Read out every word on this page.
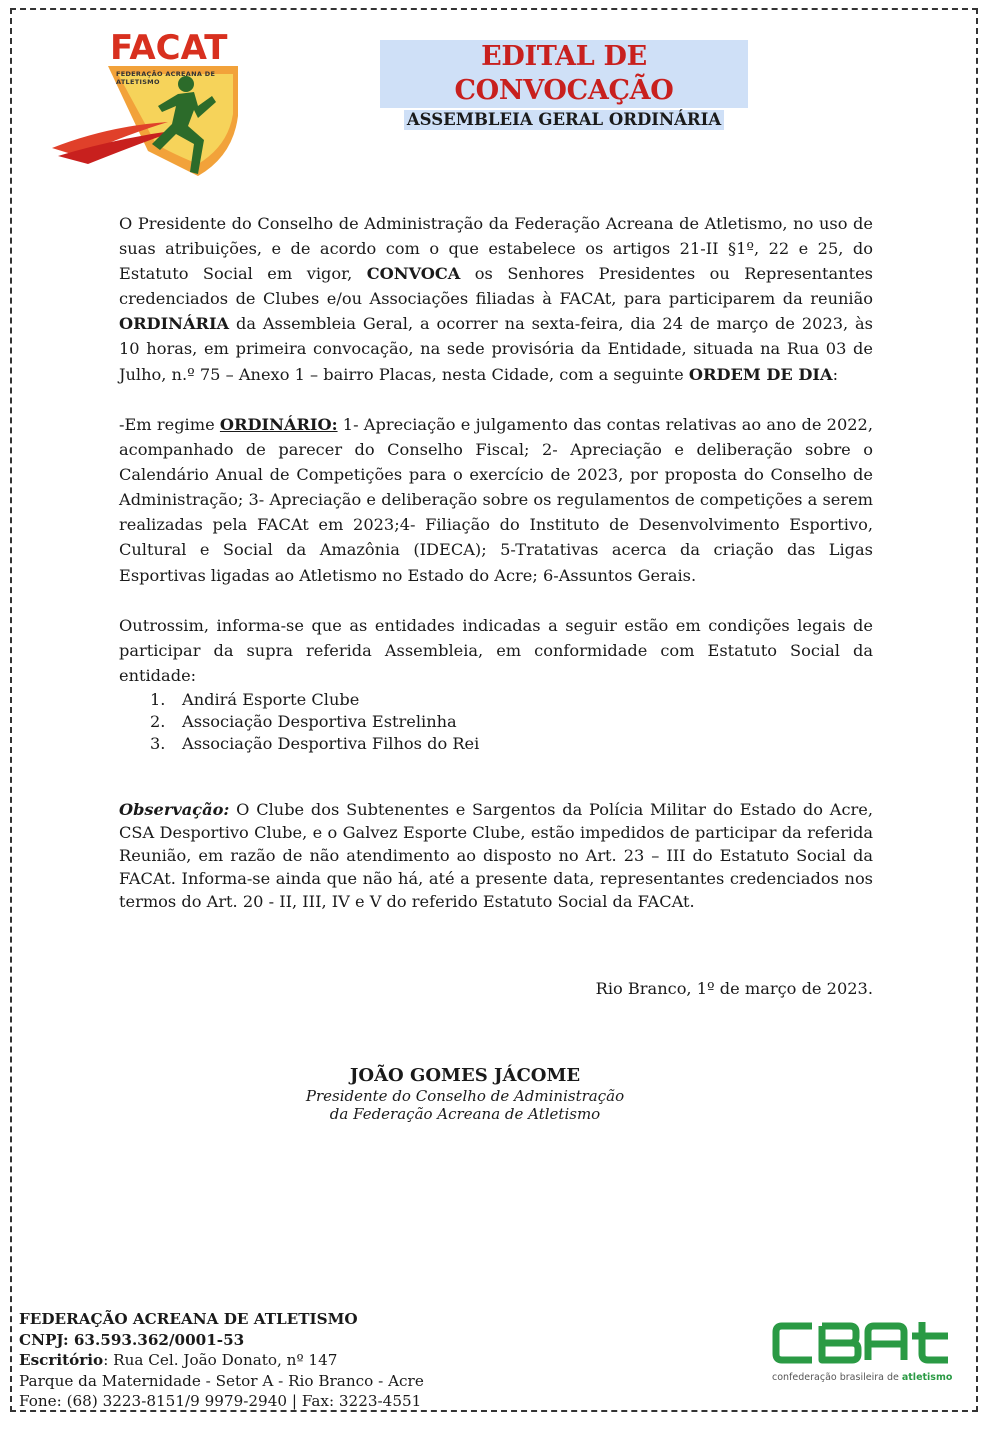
FACAT
FEDERAÇÃO ACREANA DE ATLETISMO
EDITAL DE CONVOCAÇÃO
ASSEMBLEIA GERAL ORDINÁRIA
O Presidente do Conselho de Administração da Federação Acreana de Atletismo, no uso de suas atribuições, e de acordo com o que estabelece os artigos 21-II §1º, 22 e 25, do Estatuto Social em vigor, CONVOCA os Senhores Presidentes ou Representantes credenciados de Clubes e/ou Associações filiadas à FACAt, para participarem da reunião ORDINÁRIA da Assembleia Geral, a ocorrer na sexta-feira, dia 24 de março de 2023, às 10 horas, em primeira convocação, na sede provisória da Entidade, situada na Rua 03 de Julho, n.º 75 – Anexo 1 – bairro Placas, nesta Cidade, com a seguinte ORDEM DE DIA:
-Em regime ORDINÁRIO: 1- Apreciação e julgamento das contas relativas ao ano de 2022, acompanhado de parecer do Conselho Fiscal; 2- Apreciação e deliberação sobre o Calendário Anual de Competições para o exercício de 2023, por proposta do Conselho de Administração; 3- Apreciação e deliberação sobre os regulamentos de competições a serem realizadas pela FACAt em 2023;4- Filiação do Instituto de Desenvolvimento Esportivo, Cultural e Social da Amazônia (IDECA); 5-Tratativas acerca da criação das Ligas Esportivas ligadas ao Atletismo no Estado do Acre; 6-Assuntos Gerais.
Outrossim, informa-se que as entidades indicadas a seguir estão em condições legais de participar da supra referida Assembleia, em conformidade com Estatuto Social da entidade:
1.	Andirá Esporte Clube
2.	Associação Desportiva Estrelinha
3.	Associação Desportiva Filhos do Rei
Observação: O Clube dos Subtenentes e Sargentos da Polícia Militar do Estado do Acre, CSA Desportivo Clube, e o Galvez Esporte Clube, estão impedidos de participar da referida Reunião, em razão de não atendimento ao disposto no Art. 23 – III do Estatuto Social da FACAt. Informa-se ainda que não há, até a presente data, representantes credenciados nos termos do Art. 20 - II, III, IV e V do referido Estatuto Social da FACAt.
Rio Branco, 1º de março de 2023.
JOÃO GOMES JÁCOME
Presidente do Conselho de Administração
da Federação Acreana de Atletismo
FEDERAÇÃO ACREANA DE ATLETISMO
CNPJ: 63.593.362/0001-53
Escritório: Rua Cel. João Donato, nº 147
Parque da Maternidade - Setor A - Rio Branco - Acre
Fone: (68) 3223-8151/9 9979-2940 | Fax: 3223-4551
confederação brasileira de atletismo
